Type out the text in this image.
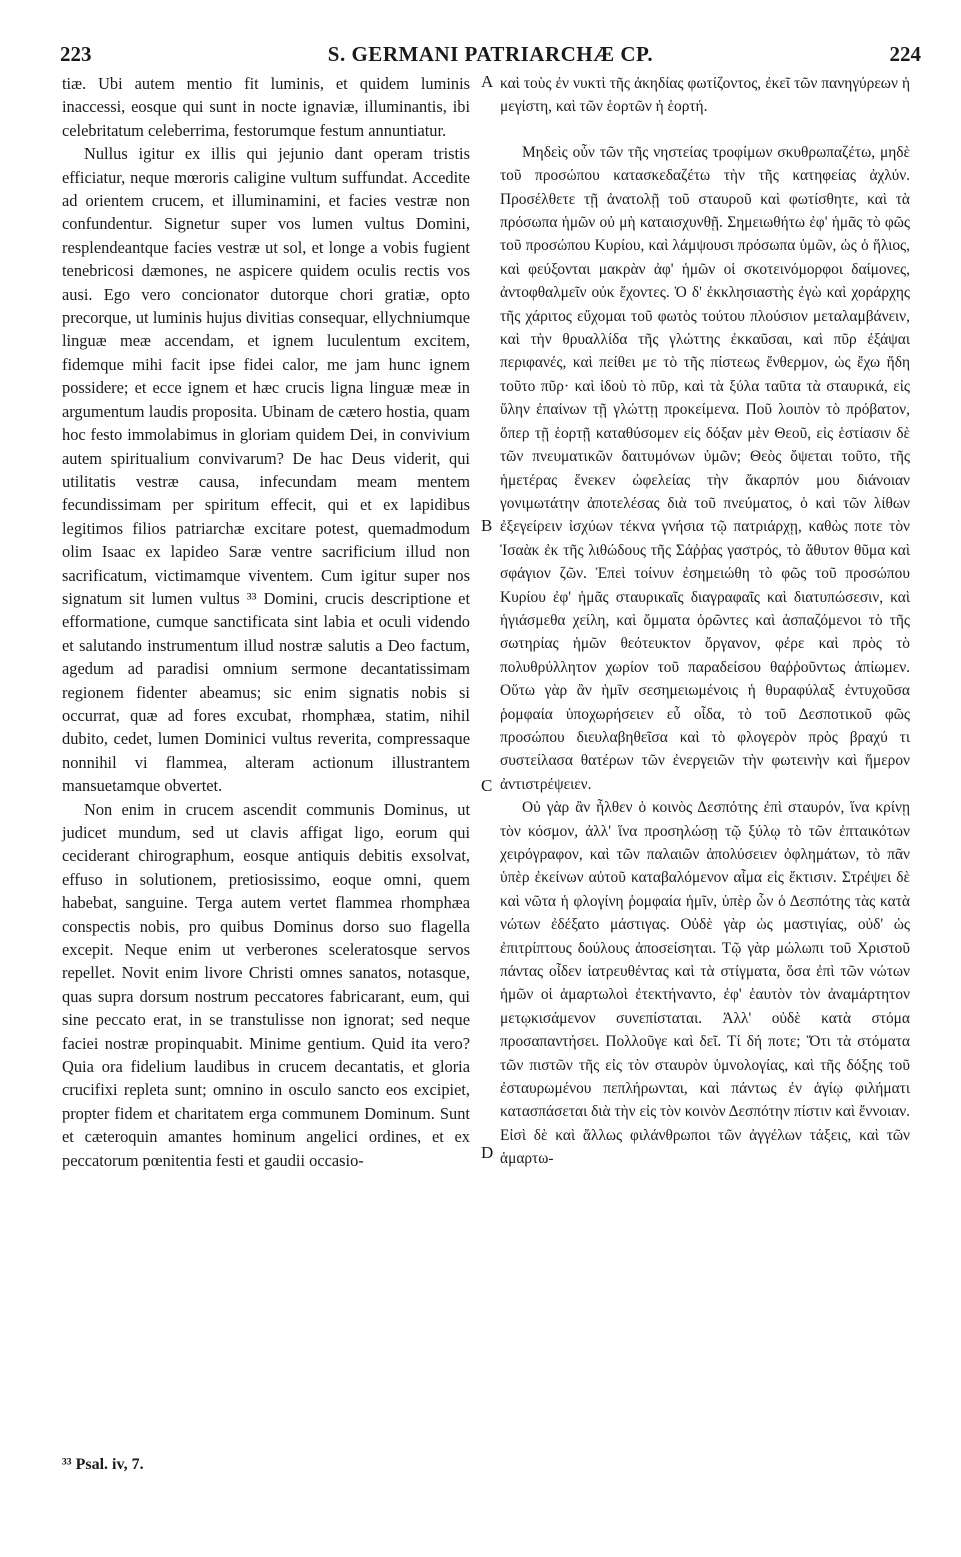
223	S. GERMANI PATRIARCHÆ CP.	224

tiæ. Ubi autem mentio fit luminis, et quidem luminis inaccessi, eosque qui sunt in nocte ignaviæ, illuminantis, ibi celebritatum celeberrima, festorumque festum annuntiatur.

Nullus igitur ex illis qui jejunio dant operam tristis efficiatur, neque mœroris caligine vultum suffundat. Accedite ad orientem crucem, et illuminamini, et facies vestræ non confundentur. Signetur super vos lumen vultus Domini, resplendeantque facies vestræ ut sol, et longe a vobis fugient tenebricosi dæmones, ne aspicere quidem oculis rectis vos ausi. Ego vero concionator dutorque chori gratiæ, opto precorque, ut luminis hujus divitias consequar, ellychniumque linguæ meæ accendam, et ignem luculentum excitem, fidemque mihi facit ipse fidei calor, me jam hunc ignem possidere; et ecce ignem et hæc crucis ligna linguæ meæ in argumentum laudis proposita. Ubinam de cætero hostia, quam hoc festo immolabimus in gloriam quidem Dei, in convivium autem spiritualium convivarum? De hac Deus viderit, qui utilitatis vestræ causa, infecundam meam mentem fecundissimam per spiritum effecit, qui et ex lapidibus legitimos filios patriarchæ excitare potest, quemadmodum olim Isaac ex lapideo Saræ ventre sacrificium illud non sacrificatum, victimamque viventem. Cum igitur super nos signatum sit lumen vultus ³³ Domini, crucis descriptione et efformatione, cumque sanctificata sint labia et oculi videndo et salutando instrumentum illud nostræ salutis a Deo factum, agedum ad paradisi omnium sermone decantatissimam regionem fidenter abeamus; sic enim signatis nobis si occurrat, quæ ad fores excubat, rhomphæa, statim, nihil dubito, cedet, lumen Dominici vultus reverita, compressaque nonnihil vi flammea, alteram actionum illustrantem mansuetamque obvertet.

Non enim in crucem ascendit communis Dominus, ut judicet mundum, sed ut clavis affigat ligo, eorum qui ceciderant chirographum, eosque antiquis debitis exsolvat, effuso in solutionem, pretiosissimo, eoque omni, quem habebat, sanguine. Terga autem vertet flammea rhomphæa conspectis nobis, pro quibus Dominus dorso suo flagella excepit. Neque enim ut verberones sceleratosque servos repellet. Novit enim livore Christi omnes sanatos, notasque, quas supra dorsum nostrum peccatores fabricarant, eum, qui sine peccato erat, in se transtulisse non ignorat; sed neque faciei nostræ propinquabit. Minime gentium. Quid ita vero? Quia ora fidelium laudibus in crucem decantatis, et gloria crucifixi repleta sunt; omnino in osculo sancto eos excipiet, propter fidem et charitatem erga communem Dominum. Sunt et cæteroquin amantes hominum angelici ordines, et ex peccatorum pœnitentia festi et gaudii occasio-

A
B
C
D

καὶ τοὺς ἐν νυκτὶ τῆς ἀκηδίας φωτίζοντος, ἐκεῖ τῶν πανηγύρεων ἡ μεγίστη, καὶ τῶν ἑορτῶν ἡ ἑορτή.

Μηδεὶς οὖν τῶν τῆς νηστείας τροφίμων σκυθρωπαζέτω, μηδὲ τοῦ προσώπου κατασκεδαζέτω τὴν τῆς κατηφείας ἀχλύν. Προσέλθετε τῇ ἀνατολῇ τοῦ σταυροῦ καὶ φωτίσθητε, καὶ τὰ πρόσωπα ἡμῶν οὐ μὴ καταισχυνθῇ. Σημειωθήτω ἐφ' ἡμᾶς τὸ φῶς τοῦ προσώπου Κυρίου, καὶ λάμψουσι πρόσωπα ὑμῶν, ὡς ὁ ἥλιος, καὶ φεύξονται μακρὰν ἀφ' ἡμῶν οἱ σκοτεινόμορφοι δαίμονες, ἀντοφθαλμεῖν οὐκ ἔχοντες. Ὁ δ' ἐκκλησιαστὴς ἐγὼ καὶ χοράρχης τῆς χάριτος εὔχομαι τοῦ φωτὸς τούτου πλούσιον μεταλαμβάνειν, καὶ τὴν θρυαλλίδα τῆς γλώττης ἐκκαῦσαι, καὶ πῦρ ἐξάψαι περιφανές, καὶ πείθει με τὸ τῆς πίστεως ἔνθερμον, ὡς ἔχω ἤδη τοῦτο πῦρ· καὶ ἰδοὺ τὸ πῦρ, καὶ τὰ ξύλα ταῦτα τὰ σταυρικά, εἰς ὕλην ἐπαίνων τῇ γλώττῃ προκείμενα. Ποῦ λοιπὸν τὸ πρόβατον, ὅπερ τῇ ἑορτῇ καταθύσομεν εἰς δόξαν μὲν Θεοῦ, εἰς ἑστίασιν δὲ τῶν πνευματικῶν δαιτυμόνων ὑμῶν; Θεὸς ὄψεται τοῦτο, τῆς ἡμετέρας ἕνεκεν ὠφελείας τὴν ἄκαρπόν μου διάνοιαν γονιμωτάτην ἀποτελέσας διὰ τοῦ πνεύματος, ὁ καὶ τῶν λίθων ἐξεγείρειν ἰσχύων τέκνα γνήσια τῷ πατριάρχῃ, καθὼς ποτε τὸν Ἰσαὰκ ἐκ τῆς λιθώδους τῆς Σάῤῥας γαστρός, τὸ ἄθυτον θῦμα καὶ σφάγιον ζῶν. Ἐπεὶ τοίνυν ἐσημειώθη τὸ φῶς τοῦ προσώπου Κυρίου ἐφ' ἡμᾶς σταυρικαῖς διαγραφαῖς καὶ διατυπώσεσιν, καὶ ἡγιάσμεθα χείλη, καὶ ὄμματα ὁρῶντες καὶ ἀσπαζόμενοι τὸ τῆς σωτηρίας ἡμῶν θεότευκτον ὄργανον, φέρε καὶ πρὸς τὸ πολυθρύλλητον χωρίον τοῦ παραδείσου θαῤῥοῦντως ἀπίωμεν. Οὕτω γὰρ ἂν ἡμῖν σεσημειωμένοις ἡ θυραφύλαξ ἐντυχοῦσα ῥομφαία ὑποχωρήσειεν εὖ οἶδα, τὸ τοῦ Δεσποτικοῦ φῶς προσώπου διευλαβηθεῖσα καὶ τὸ φλογερὸν πρὸς βραχύ τι συστείλασα θατέρων τῶν ἐνεργειῶν τὴν φωτεινὴν καὶ ἥμερον ἀντιστρέψειεν.

Οὐ γὰρ ἂν ἦλθεν ὁ κοινὸς Δεσπότης ἐπὶ σταυρόν, ἵνα κρίνῃ τὸν κόσμον, ἀλλ' ἵνα προσηλώσῃ τῷ ξύλῳ τὸ τῶν ἐπταικότων χειρόγραφον, καὶ τῶν παλαιῶν ἀπολύσειεν ὀφλημάτων, τὸ πᾶν ὑπὲρ ἐκείνων αὐτοῦ καταβαλόμενον αἷμα εἰς ἔκτισιν. Στρέψει δὲ καὶ νῶτα ἡ φλογίνη ῥομφαία ἡμῖν, ὑπὲρ ὧν ὁ Δεσπότης τὰς κατὰ νώτων ἐδέξατο μάστιγας. Οὐδὲ γὰρ ὡς μαστιγίας, οὐδ' ὡς ἐπιτρίπτους δούλους ἀποσείσηται. Τῷ γὰρ μώλωπι τοῦ Χριστοῦ πάντας οἶδεν ἰατρευθέντας καὶ τὰ στίγματα, ὅσα ἐπὶ τῶν νώτων ἡμῶν οἱ ἁμαρτωλοὶ ἐτεκτήναντο, ἐφ' ἑαυτὸν τὸν ἀναμάρτητον μετῳκισάμενον συνεπίσταται. Ἀλλ' οὐδὲ κατὰ στόμα προσαπαντήσει. Πολλοῦγε καὶ δεῖ. Τί δή ποτε; Ὅτι τὰ στόματα τῶν πιστῶν τῆς εἰς τὸν σταυρὸν ὑμνολογίας, καὶ τῆς δόξης τοῦ ἐσταυρωμένου πεπλήρωνται, καὶ πάντως ἐν ἁγίῳ φιλήματι κατασπάσεται διὰ τὴν εἰς τὸν κοινὸν Δεσπότην πίστιν καὶ ἔννοιαν. Εἰσὶ δὲ καὶ ἄλλως φιλάνθρωποι τῶν ἀγγέλων τάξεις, καὶ τῶν ἁμαρτω-

³³ Psal. iv, 7.
